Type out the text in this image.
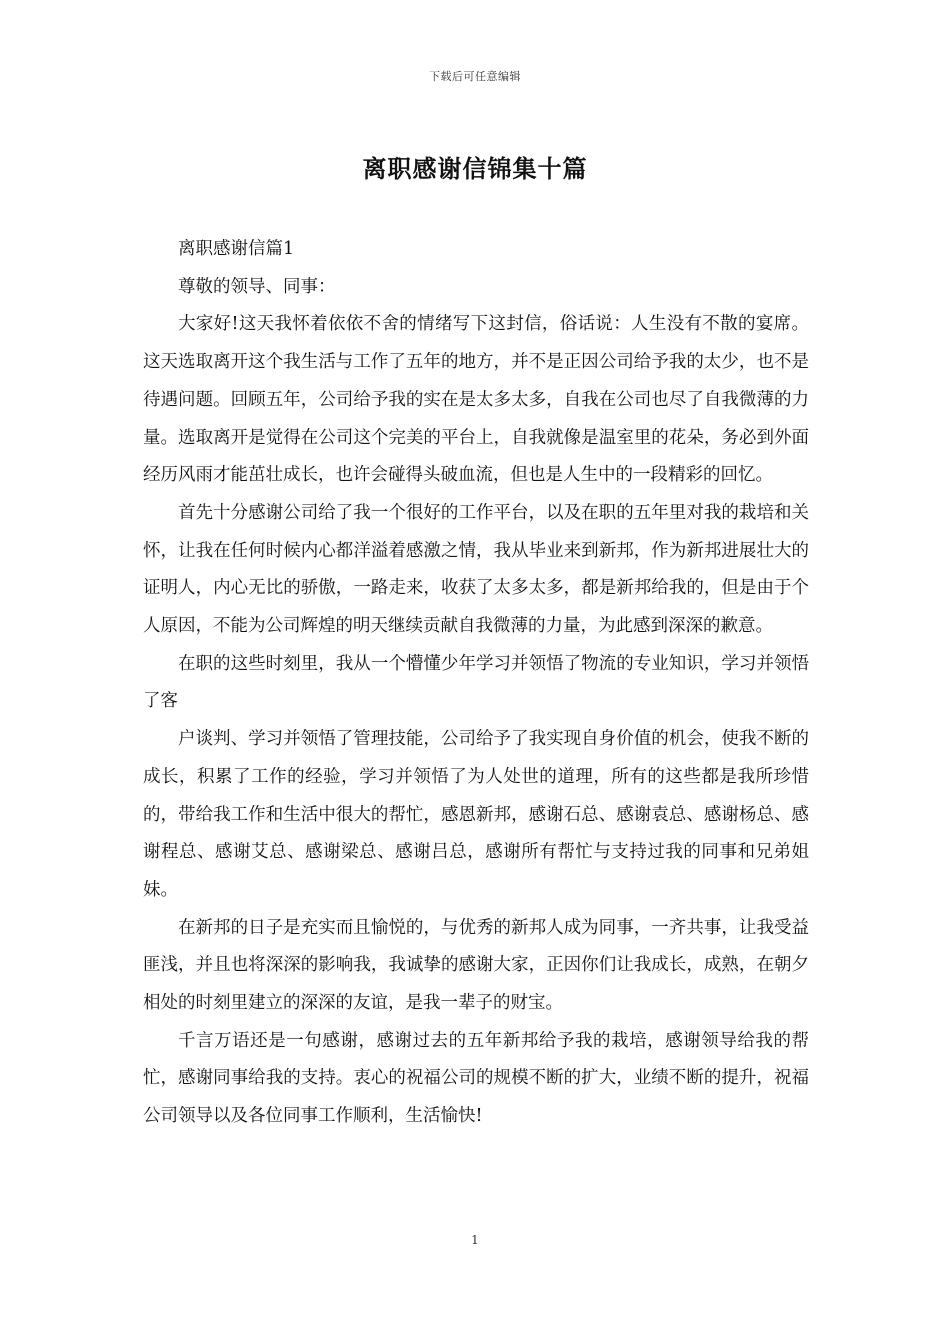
下载后可任意编辑
离职感谢信锦集十篇

离职感谢信篇1

尊敬的领导、同事：

大家好!这天我怀着依依不舍的情绪写下这封信，俗话说：人生没有不散的宴席。这天选取离开这个我生活与工作了五年的地方，并不是正因公司给予我的太少，也不是待遇问题。回顾五年，公司给予我的实在是太多太多，自我在公司也尽了自我微薄的力量。选取离开是觉得在公司这个完美的平台上，自我就像是温室里的花朵，务必到外面经历风雨才能茁壮成长，也许会碰得头破血流，但也是人生中的一段精彩的回忆。

首先十分感谢公司给了我一个很好的工作平台，以及在职的五年里对我的栽培和关怀，让我在任何时候内心都洋溢着感激之情，我从毕业来到新邦，作为新邦进展壮大的证明人，内心无比的骄傲，一路走来，收获了太多太多，都是新邦给我的，但是由于个人原因，不能为公司辉煌的明天继续贡献自我微薄的力量，为此感到深深的歉意。

在职的这些时刻里，我从一个懵懂少年学习并领悟了物流的专业知识，学习并领悟了客

户谈判、学习并领悟了管理技能，公司给予了我实现自身价值的机会，使我不断的成长，积累了工作的经验，学习并领悟了为人处世的道理，所有的这些都是我所珍惜的，带给我工作和生活中很大的帮忙，感恩新邦，感谢石总、感谢袁总、感谢杨总、感谢程总、感谢艾总、感谢梁总、感谢吕总，感谢所有帮忙与支持过我的同事和兄弟姐妹。

在新邦的日子是充实而且愉悦的，与优秀的新邦人成为同事，一齐共事，让我受益匪浅，并且也将深深的影响我，我诚挚的感谢大家，正因你们让我成长，成熟，在朝夕相处的时刻里建立的深深的友谊，是我一辈子的财宝。

千言万语还是一句感谢，感谢过去的五年新邦给予我的栽培，感谢领导给我的帮忙，感谢同事给我的支持。衷心的祝福公司的规模不断的扩大，业绩不断的提升，祝福公司领导以及各位同事工作顺利，生活愉快!

1
